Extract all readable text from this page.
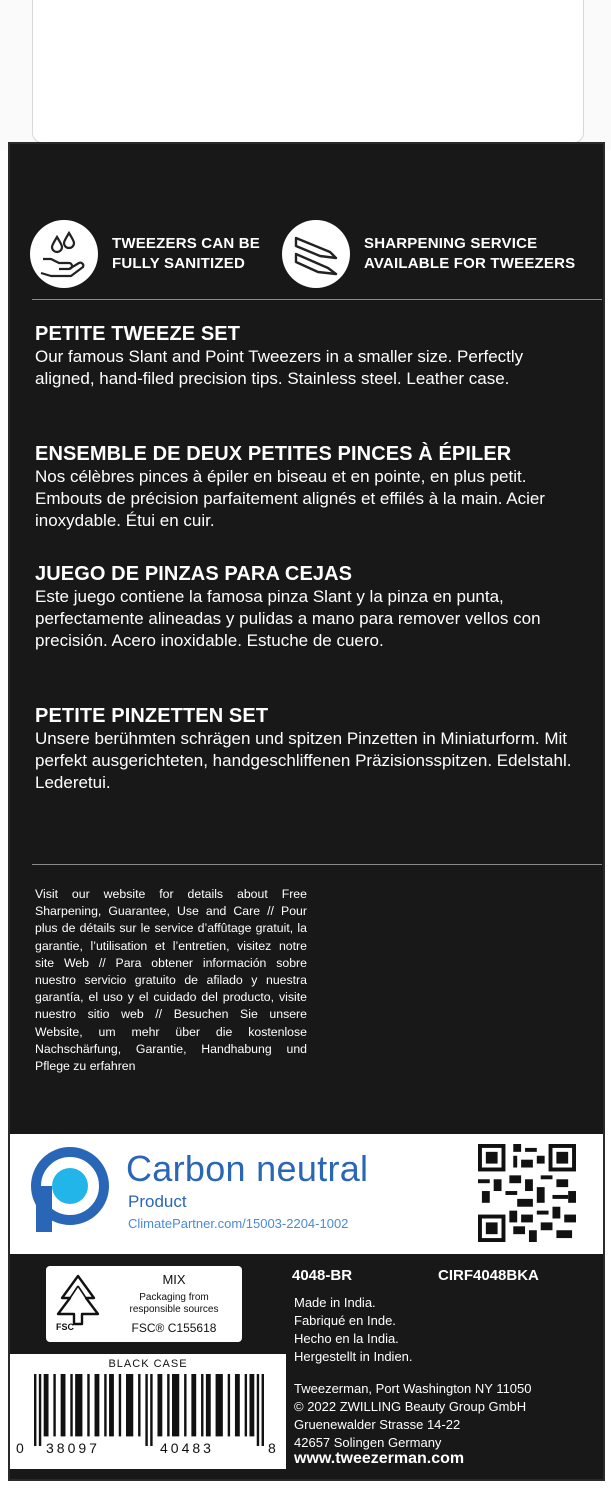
TWEEZERS CAN BE
FULLY SANITIZED
SHARPENING SERVICE
AVAILABLE FOR TWEEZERS
PETITE TWEEZE SET

Our famous Slant and Point Tweezers in a smaller size. Perfectly aligned, hand-filed precision tips. Stainless steel. Leather case.

ENSEMBLE DE DEUX PETITES PINCES À ÉPILER

Nos célèbres pinces à épiler en biseau et en pointe, en plus petit. Embouts de précision parfaitement alignés et effilés à la main. Acier inoxydable. Étui en cuir.

JUEGO DE PINZAS PARA CEJAS

Este juego contiene la famosa pinza Slant y la pinza en punta, perfectamente alineadas y pulidas a mano para remover vellos con precisión. Acero inoxidable. Estuche de cuero.

PETITE PINZETTEN SET

Unsere berühmten schrägen und spitzen Pinzetten in Miniaturform. Mit perfekt ausgerichteten, handgeschliffenen Präzisionsspitzen. Edelstahl. Lederetui.

Visit our website for details about Free Sharpening, Guarantee, Use and Care // Pour plus de détails sur le service d’affûtage gratuit, la garantie, l’utilisation et l’entretien, visitez notre site Web // Para obtener información sobre nuestro servicio gratuito de afilado y nuestra garantía, el uso y el cuidado del producto, visite nuestro sitio web // Besuchen Sie unsere Website, um mehr über die kostenlose Nachschärfung, Garantie, Handhabung und Pflege zu erfahren
Carbon neutral
Product
ClimatePartner.com/15003-2204-1002
FSC
MIX
Packaging from
responsible sources
FSC® C155618
4048-BR	CIRF4048BKA
Made in India.
Fabriqué en Inde.
Hecho en la India.
Hergestellt in Indien.
Tweezerman, Port Washington NY 11050
© 2022 ZWILLING Beauty Group GmbH
Gruenewalder Strasse 14-22
42657 Solingen Germany
www.tweezerman.com
BLACK CASE
0 38097	40483	8
